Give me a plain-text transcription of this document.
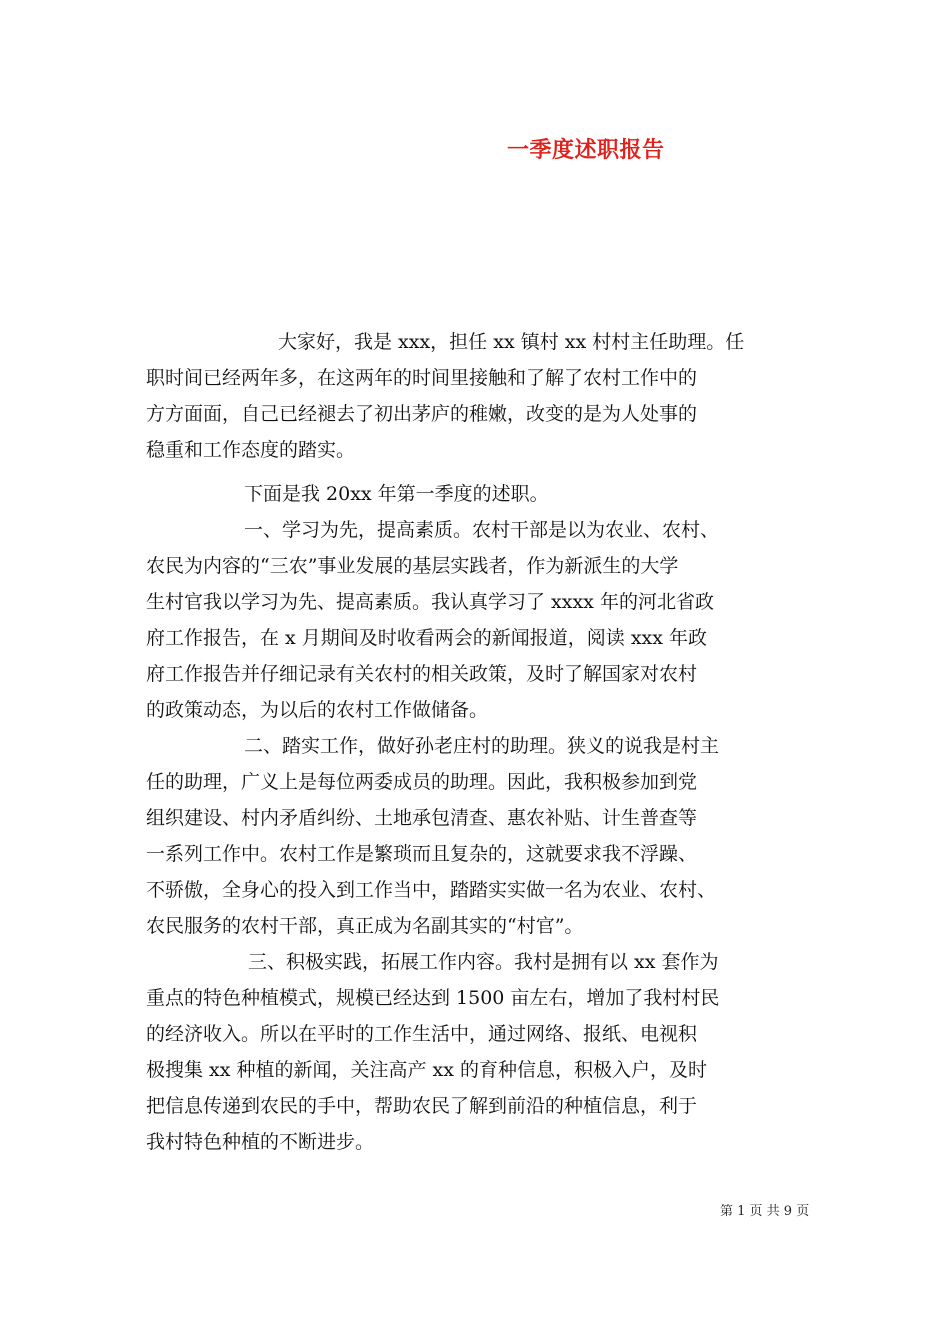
一季度述职报告
大家好，我是 xxx，担任 xx 镇村 xx 村村主任助理。任
职时间已经两年多，在这两年的时间里接触和了解了农村工作中的
方方面面，自己已经褪去了初出茅庐的稚嫩，改变的是为人处事的
稳重和工作态度的踏实。
下面是我 20xx 年第一季度的述职。
一、学习为先，提高素质。农村干部是以为农业、农村、
农民为内容的“三农”事业发展的基层实践者，作为新派生的大学
生村官我以学习为先、提高素质。我认真学习了 xxxx 年的河北省政
府工作报告，在 x 月期间及时收看两会的新闻报道，阅读 xxx 年政
府工作报告并仔细记录有关农村的相关政策，及时了解国家对农村
的政策动态，为以后的农村工作做储备。
二、踏实工作，做好孙老庄村的助理。狭义的说我是村主
任的助理，广义上是每位两委成员的助理。因此，我积极参加到党
组织建设、村内矛盾纠纷、土地承包清查、惠农补贴、计生普查等
一系列工作中。农村工作是繁琐而且复杂的，这就要求我不浮躁、
不骄傲，全身心的投入到工作当中，踏踏实实做一名为农业、农村、
农民服务的农村干部，真正成为名副其实的“村官”。
三、积极实践，拓展工作内容。我村是拥有以 xx 套作为
重点的特色种植模式，规模已经达到 1500 亩左右，增加了我村村民
的经济收入。所以在平时的工作生活中，通过网络、报纸、电视积
极搜集 xx 种植的新闻，关注高产 xx 的育种信息，积极入户，及时
把信息传递到农民的手中，帮助农民了解到前沿的种植信息，利于
我村特色种植的不断进步。
第 1 页 共 9 页
